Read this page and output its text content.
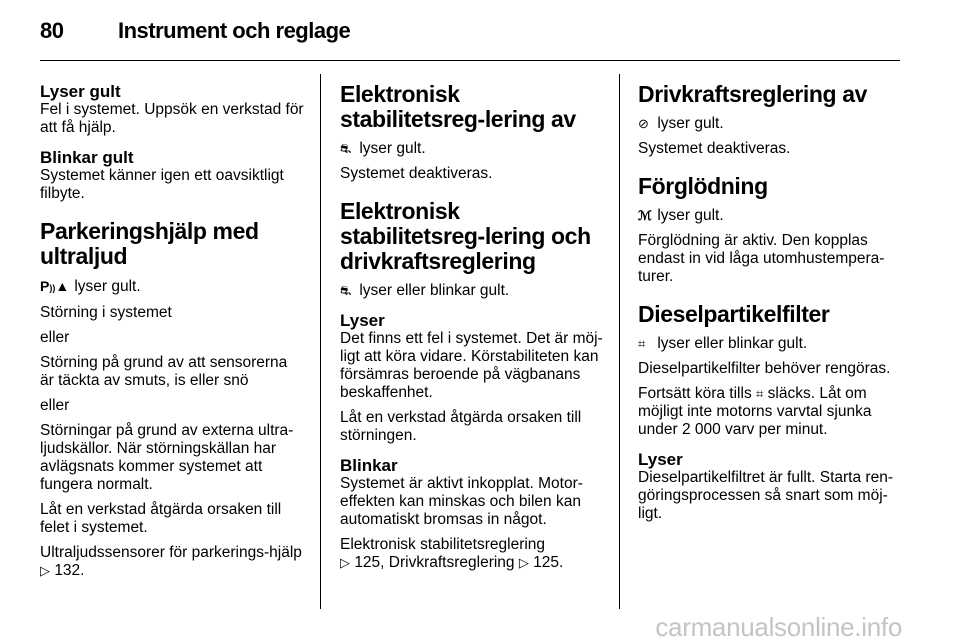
80 Instrument och reglage
Lyser gult

Fel i systemet. Uppsök en verkstad för att få hjälp.

Blinkar gult

Systemet känner igen ett oavsiktligt filbyte.

Parkeringshjälp med ultraljud

P))▲ lyser gult.

Störning i systemet

eller

Störning på grund av att sensorerna är täckta av smuts, is eller snö

eller

Störningar på grund av externa ultra-ljudskällor. När störningskällan har avlägsnats kommer systemet att fungera normalt.

Låt en verkstad åtgärda orsaken till felet i systemet.

Ultraljudssensorer för parkerings-hjälp ▷ 132.

Elektronisk stabilitetsreg-lering av

⛐ lyser gult.

Systemet deaktiveras.

Elektronisk stabilitetsreg-lering och drivkraftsreglering

⛐ lyser eller blinkar gult.

Lyser

Det finns ett fel i systemet. Det är möj-ligt att köra vidare. Körstabiliteten kan försämras beroende på vägbanans beskaffenhet.

Låt en verkstad åtgärda orsaken till störningen.

Blinkar

Systemet är aktivt inkopplat. Motor-effekten kan minskas och bilen kan automatiskt bromsas in något.

Elektronisk stabilitetsreglering
▷ 125, Drivkraftsreglering ▷ 125.

Drivkraftsreglering av

⊘ lyser gult.

Systemet deaktiveras.

Förglödning

ℳ lyser gult.

Förglödning är aktiv. Den kopplas endast in vid låga utomhustempera-turer.

Dieselpartikelfilter

⌗ lyser eller blinkar gult.

Dieselpartikelfilter behöver rengöras.

Fortsätt köra tills ⌗ släcks. Låt om möjligt inte motorns varvtal sjunka under 2 000 varv per minut.

Lyser

Dieselpartikelfiltret är fullt. Starta ren-göringsprocessen så snart som möj-ligt.

carmanualsonline.info
